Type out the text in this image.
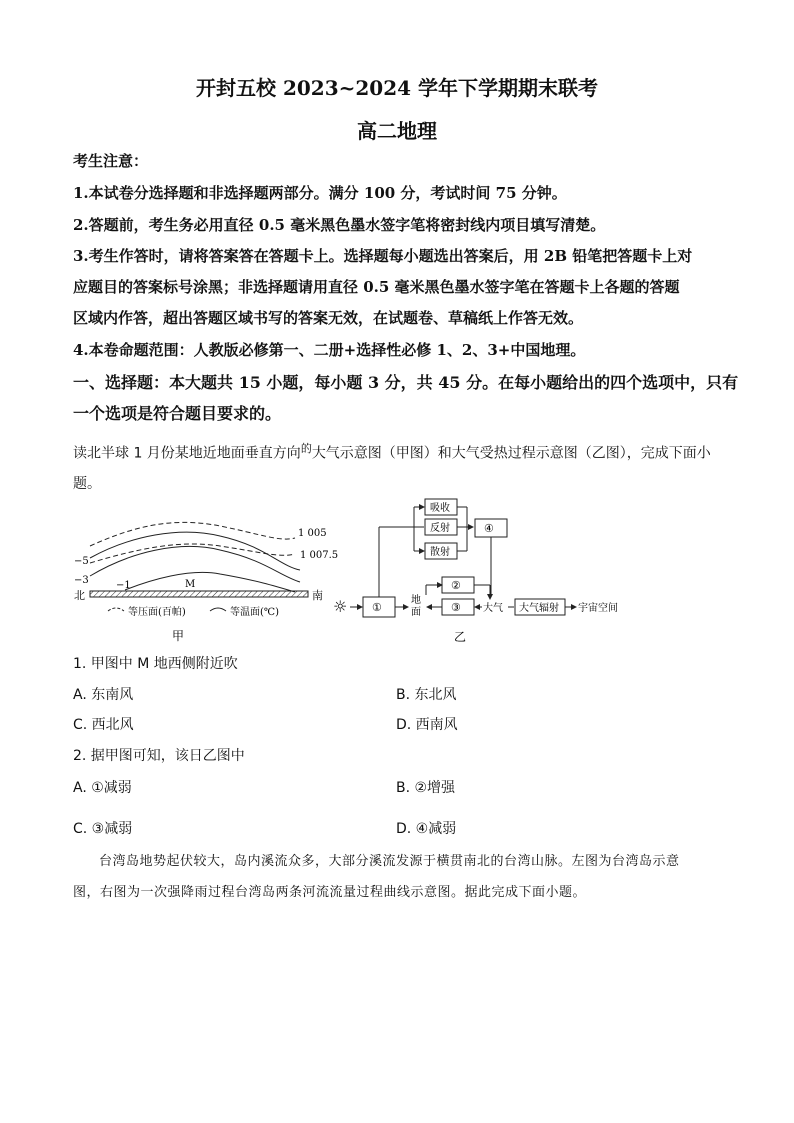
开封五校 2023~2024 学年下学期期末联考
高二地理
考生注意：
1.本试卷分选择题和非选择题两部分。满分 100 分，考试时间 75 分钟。
2.答题前，考生务必用直径 0.5 毫米黑色墨水签字笔将密封线内项目填写清楚。
3.考生作答时，请将答案答在答题卡上。选择题每小题选出答案后，用 2B 铅笔把答题卡上对
应题目的答案标号涂黑；非选择题请用直径 0.5 毫米黑色墨水签字笔在答题卡上各题的答题
区域内作答，超出答题区域书写的答案无效，在试题卷、草稿纸上作答无效。
4.本卷命题范围：人教版必修第一、二册+选择性必修 1、2、3+中国地理。
一、选择题：本大题共 15 小题，每小题 3 分，共 45 分。在每小题给出的四个选项中，只有
一个选项是符合题目要求的。
读北半球 1 月份某地近地面垂直方向$^的$大气示意图（甲图）和大气受热过程示意图（乙图），完成下面小
题。
1 005
1 007.5
−5
−3	−1	M
北	南
等压面(百帕)	等温面(℃)
甲
☼ ①
吸收
反射
散射
④
地
面
②
③ 大气 大气辐射 宇宙空间
乙
1. 甲图中 M 地西侧附近吹
A. 东南风	B. 东北风
C. 西北风	D. 西南风
2. 据甲图可知，该日乙图中
A. ①减弱	B. ②增强
C. ③减弱	D. ④减弱
台湾岛地势起伏较大，岛内溪流众多，大部分溪流发源于横贯南北的台湾山脉。左图为台湾岛示意
图，右图为一次强降雨过程台湾岛两条河流流量过程曲线示意图。据此完成下面小题。
